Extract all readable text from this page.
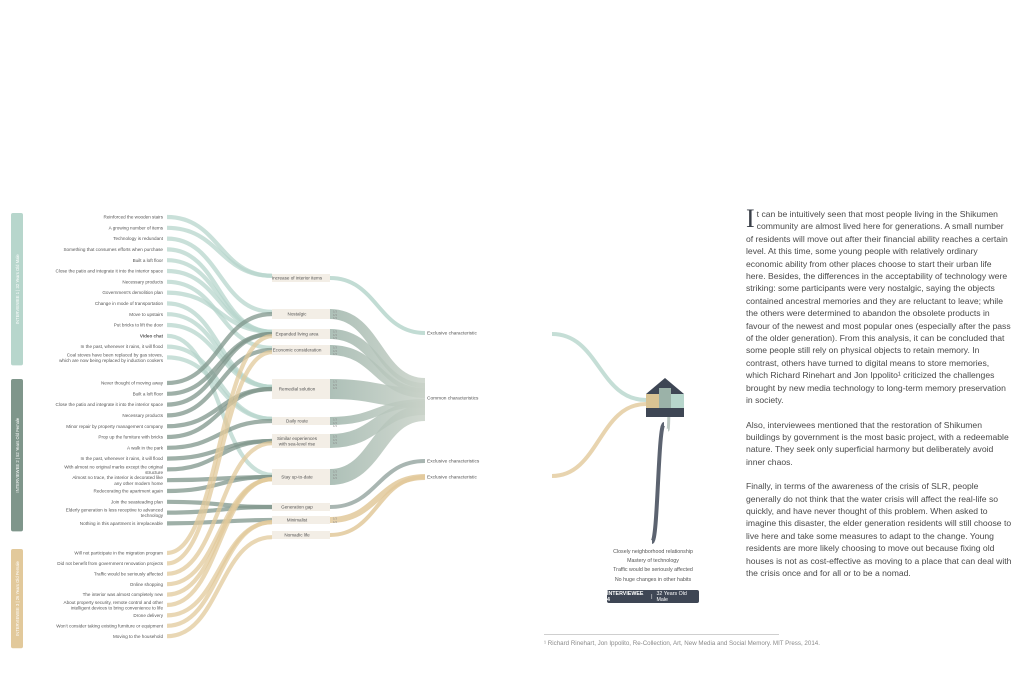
INTERVIEWEE 1 | 32 Years Old Male
Reinforced the wooden stairs
A growing number of items
Technology is redundant
Something that consumes efforts when purchase
Built a loft floor
Close the patio and integrate it into the interior space
Necessary products
Government's demolition plan
Change in mode of transportation
Move to upstairs
Put bricks to lift the door
Video chat
In the past, whenever it rains, it will flood
Coal stoves have been replaced by gas stoves, which are now being replaced by induction cookers
INTERVIEWEE 2 | 52 Years Old Female
Never thought of moving away
Built a loft floor
Close the patio and integrate it into the interior space
Necessary products
Minor repair by property management company
Prop up the furniture with bricks
A walk in the park
In the past, whenever it rains, it will flood
With almost no original marks except the original structure
Almost no trace, the interior is decorated like any other modern home
Redecorating the apartment again
Join the seasteading plan
Elderly generation is less receptive to advanced technology
Nothing in this apartment is irreplaceable
INTERVIEWEE 3 | 26 Years Old Female
Will not participate in the migration program
Did not benefit from government renovation projects
Traffic would be seriously affected
Online shopping
The interior was almost completely new
About property security, remote control and other intelligent devices to bring convenience to life
Drone delivery
Won't consider taking existing furniture or equipment
Moving to the household
Increase of interior items
Nostalgic	1/3
1/3
1/3
Expanded living area	1/3
1/3
1/3
Economic consideration	1/3
1/3
1/3
Remedial solution
1/3
1/3
1/3
Daily route	1/3
1/3
1/3
Similar experiences with sea-level rise
1/3
1/3
1/3
Stay up-to-date
1/3
1/3
1/3
Generation gap
Minimalist	1/3
1/3
Nomadic life
Exclusive characteristic
Common characteristics
Exclusive characteristics
Exclusive characteristic

It can be intuitively seen that most people living in the Shikumen community are almost lived here for generations. A small number of residents will move out after their financial ability reaches a certain level. At this time, some young people with relatively ordinary economic ability from other places choose to start their urban life here. Besides, the differences in the acceptability of technology were striking: some participants were very nostalgic, saying the objects contained ancestral memories and they are reluctant to leave; while the others were determined to abandon the obsolete products in favour of the newest and most popular ones (especially after the pass of the older generation). From this analysis, it can be concluded that some people still rely on physical objects to retain memory. In contrast, others have turned to digital means to store memories, which Richard Rinehart and Jon Ippolito¹ criticized the challenges brought by new media technology to long-term memory preservation in society.

Also, interviewees mentioned that the restoration of Shikumen buildings by government is the most basic project, with a redeemable nature. They seek only superficial harmony but deliberately avoid inner chaos.

Finally, in terms of the awareness of the crisis of SLR, people generally do not think that the water crisis will affect the real-life so quickly, and have never thought of this problem. When asked to imagine this disaster, the elder generation residents will still choose to live here and take some measures to adapt to the change. Young residents are more likely choosing to move out because fixing old houses is not as cost-effective as moving to a place that can deal with the crisis once and for all or to be a nomad.

Closely neighborhood relationship
Mastery of technology
Traffic would be seriously affected
No huge changes in other habits
INTERVIEWEE 4	| 32 Years Old Male
¹ Richard Rinehart, Jon Ippolito, Re-Collection, Art, New Media and Social Memory. MIT Press, 2014.
